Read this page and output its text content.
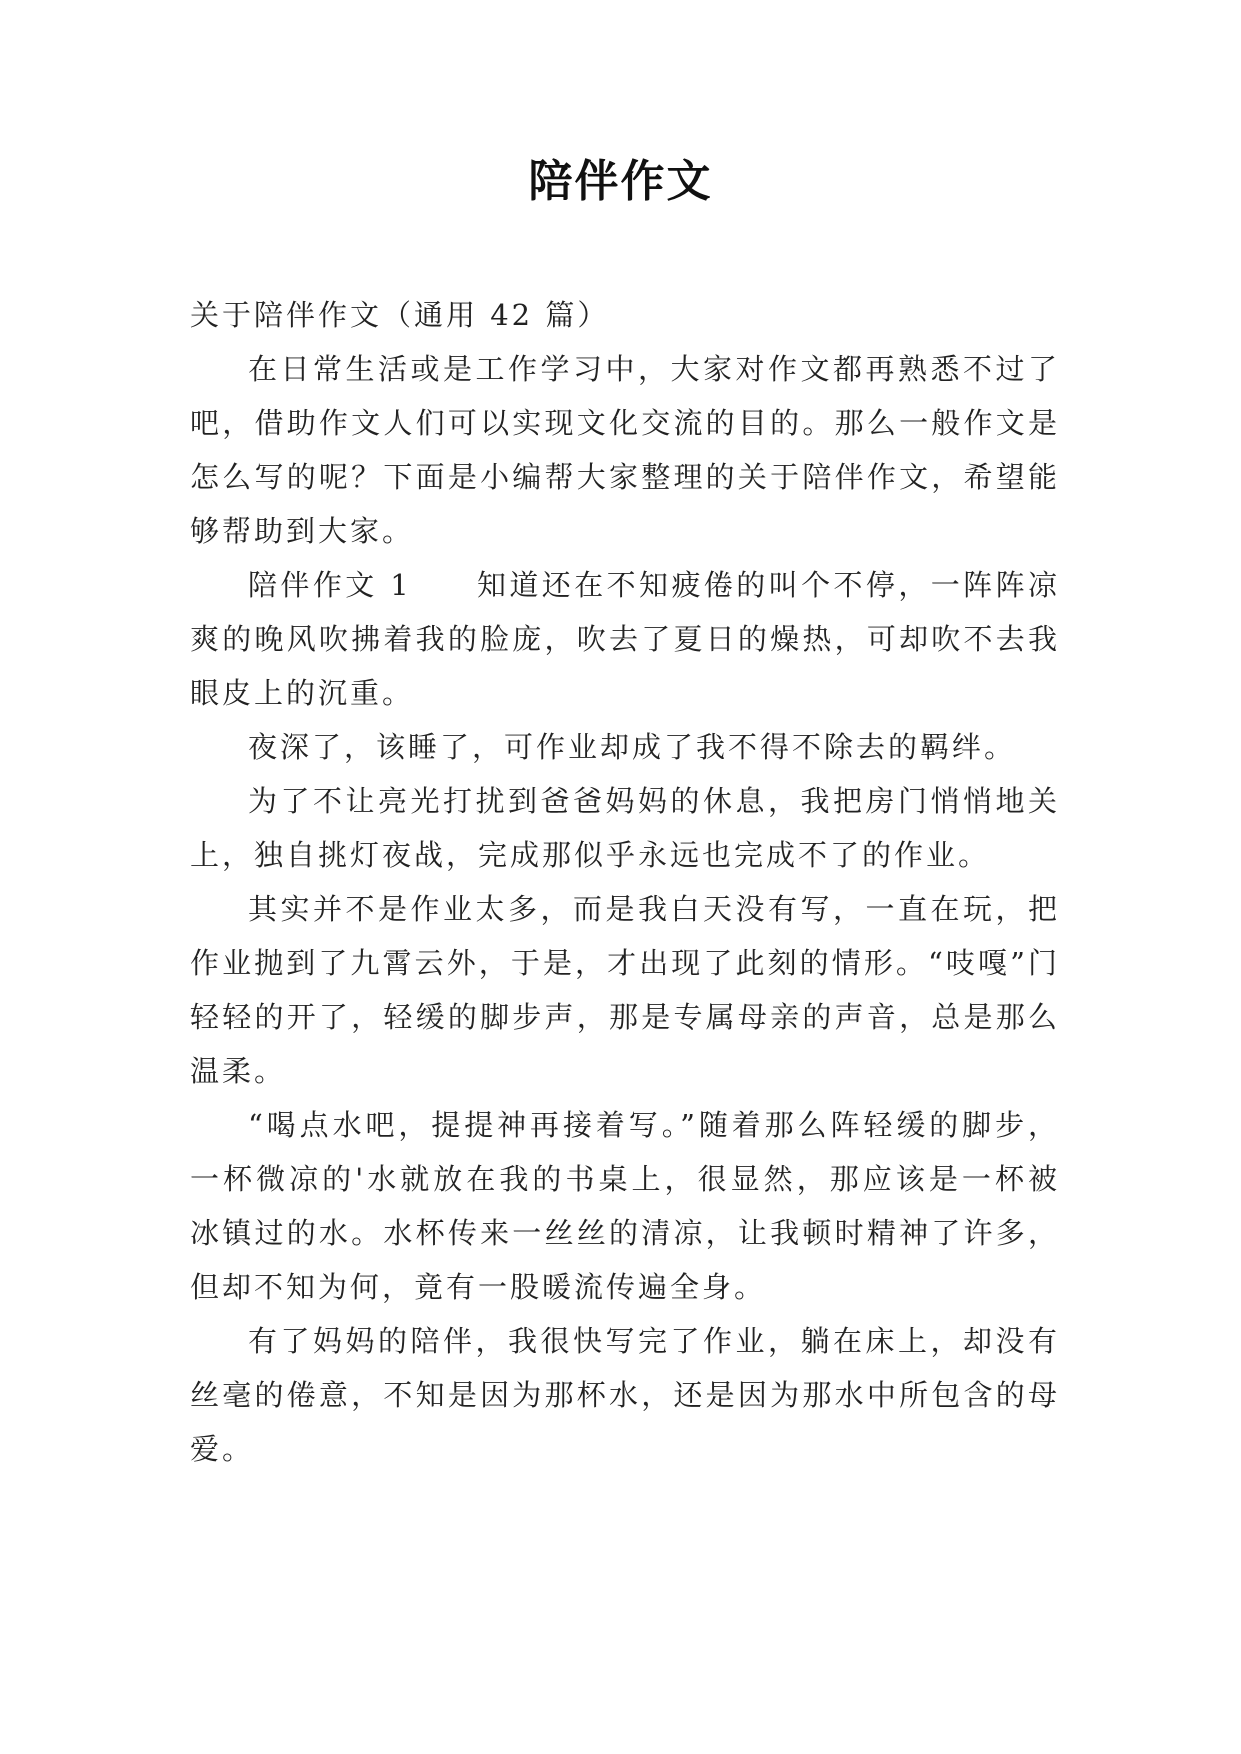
陪伴作文

关于陪伴作文（通用 42 篇）

在日常生活或是工作学习中，大家对作文都再熟悉不过了吧，借助作文人们可以实现文化交流的目的。那么一般作文是怎么写的呢？下面是小编帮大家整理的关于陪伴作文，希望能够帮助到大家。

陪伴作文 1　　知道还在不知疲倦的叫个不停，一阵阵凉爽的晚风吹拂着我的脸庞，吹去了夏日的燥热，可却吹不去我眼皮上的沉重。

夜深了，该睡了，可作业却成了我不得不除去的羁绊。

为了不让亮光打扰到爸爸妈妈的休息，我把房门悄悄地关上，独自挑灯夜战，完成那似乎永远也完成不了的作业。

其实并不是作业太多，而是我白天没有写，一直在玩，把作业抛到了九霄云外，于是，才出现了此刻的情形。“吱嘎”门轻轻的开了，轻缓的脚步声，那是专属母亲的声音，总是那么温柔。

“喝点水吧，提提神再接着写。”随着那么阵轻缓的脚步，一杯微凉的'水就放在我的书桌上，很显然，那应该是一杯被冰镇过的水。水杯传来一丝丝的清凉，让我顿时精神了许多，但却不知为何，竟有一股暖流传遍全身。

有了妈妈的陪伴，我很快写完了作业，躺在床上，却没有丝毫的倦意，不知是因为那杯水，还是因为那水中所包含的母爱。
